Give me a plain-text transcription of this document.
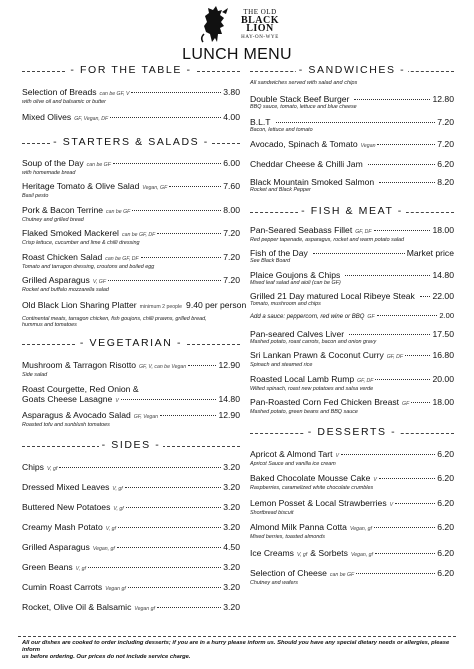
THE OLD
BLACK
LION
HAY-ON-WYE
LUNCH MENU
- FOR THE TABLE -
Selection of Breads can be GF, V	3.80
with olive oil and balsamic or butter
Mixed Olives GF, Vegan, DF	4.00
- STARTERS & SALADS -
Soup of the Day can be GF	6.00
with homemade bread
Heritage Tomato & Olive Salad Vegan, GF	7.60
Basil pesto
Pork & Bacon Terrine can be GF	8.00
Chutney and grilled bread
Flaked Smoked Mackerel can be GF, DF	7.20
Crisp lettuce, cucumber and lime & chilli dressing
Roast Chicken Salad can be GF, DF	7.20
Tomato and tarragon dressing, croutons and boiled egg
Grilled Asparagus V, GF	7.20
Rocket and buffalo mozzarella salad
Old Black Lion Sharing Platter minimum 2 people 9.40 per person
Continental meats, tarragon chicken, fish goujons, chilli prawns, grilled bread,
hummus and tomatoes
- VEGETARIAN -
Mushroom & Tarragon Risotto GF, V, can be Vegan	12.90
Side salad
Roast Courgette, Red Onion &
Goats Cheese Lasagne V	14.80
Asparagus & Avocado Salad GF, Vegan	12.90
Roasted tofu and sunblush tomatoes
- SIDES -
Chips V, gf	3.20
Dressed Mixed Leaves V, gf	3.20
Buttered New Potatoes V, gf	3.20
Creamy Mash Potato V, gf	3.20
Grilled Asparagus Vegan, gf	4.50
Green Beans V, gf	3.20
Cumin Roast Carrots Vegan gf	3.20
Rocket, Olive Oil & Balsamic Vegan gf	3.20
- SANDWICHES -
All sandwiches served with salad and chips
Double Stack Beef Burger	12.80
BBQ sauce, tomato, lettuce and blue cheese
B.L.T	7.20
Bacon, lettuce and tomato
Avocado, Spinach & Tomato Vegan	7.20
Cheddar Cheese & Chilli Jam	6.20
Black Mountain Smoked Salmon	8.20
Rocket and Black Pepper
- FISH & MEAT -
Pan-Seared Seabass Fillet GF, DF	18.00
Red pepper tapenade, asparagus, rocket and warm potato salad
Fish of the Day	Market price
See Black Board
Plaice Goujons & Chips	14.80
Mixed leaf salad and aioli (can be GF)
Grilled 21 Day matured Local Ribeye Steak 22.00
Tomato, mushroom and chips
Add a sauce: peppercorn, red wine or BBQ GF	2.00
Pan-seared Calves Liver	17.50
Mashed potato, roast carrots, bacon and onion gravy
Sri Lankan Prawn & Coconut Curry GF, DF	16.80
Spinach and steamed rice
Roasted Local Lamb Rump GF, DF	20.00
Wilted spinach, roast new potatoes and salsa verde
Pan-Roasted Corn Fed Chicken Breast GF	18.00
Mashed potato, green beans and BBQ sauce
- DESSERTS -
Apricot & Almond Tart V	6.20
Apricot Sauce and vanilla ice cream
Baked Chocolate Mousse Cake V	6.20
Raspberries, caramelized white chocolate crumbles
Lemon Posset & Local Strawberries V	6.20
Shortbread biscuit
Almond Milk Panna Cotta Vegan, gf	6.20
Mixed berries, toasted almonds
Ice Creams V, gf & Sorbets Vegan, gf	6.20
Selection of Cheese can be GF	6.20
Chutney and wafers
All our dishes are cooked to order including desserts; if you are in a hurry please inform us. Should you have any special dietary needs or allergies, please inform
us before ordering. Our prices do not include service charge.
